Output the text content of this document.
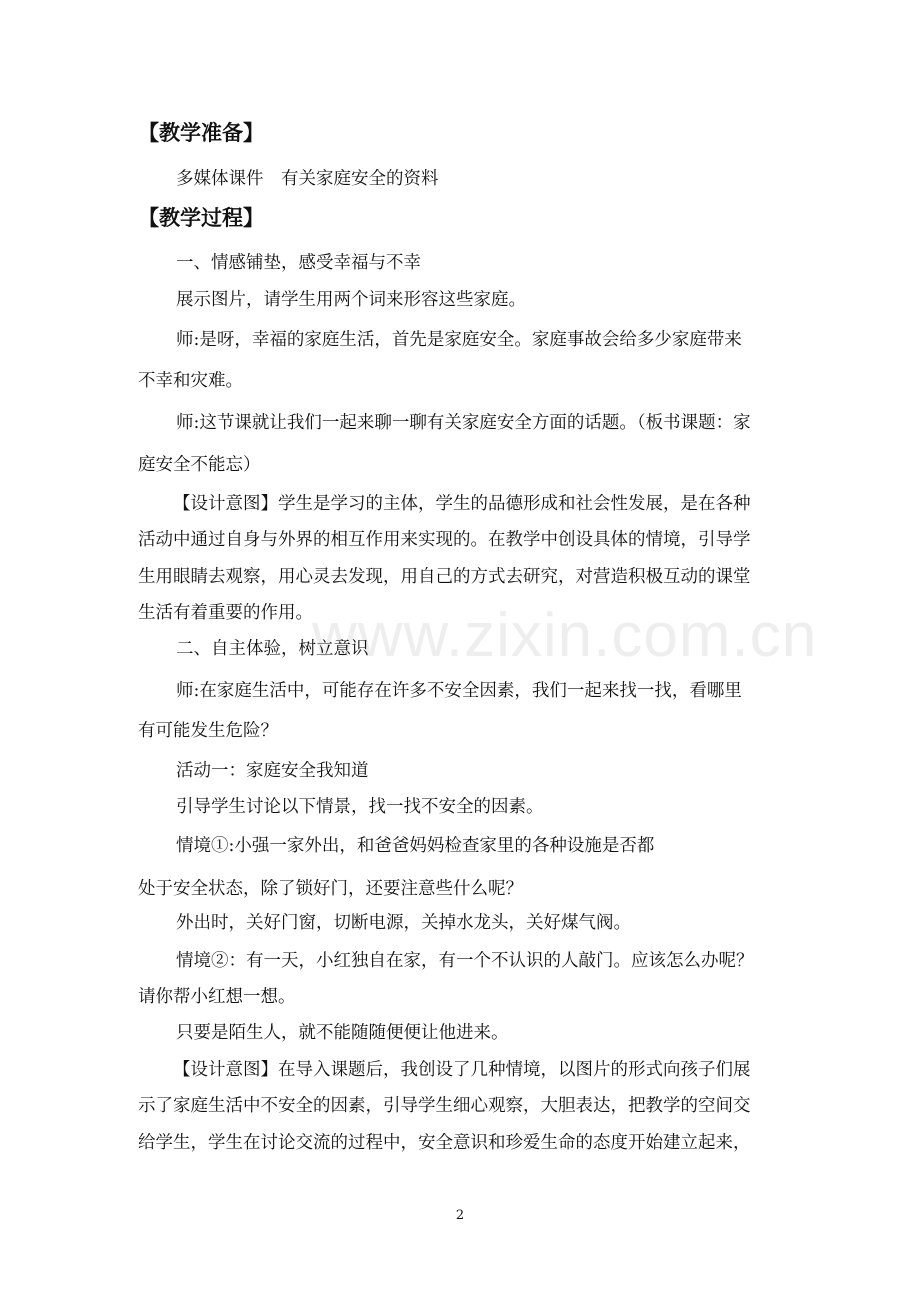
www.zixin.com.cn
【教学准备】
多媒体课件　有关家庭安全的资料
【教学过程】
一、情感铺垫，感受幸福与不幸
展示图片，请学生用两个词来形容这些家庭。
师:是呀，幸福的家庭生活，首先是家庭安全。家庭事故会给多少家庭带来
不幸和灾难。
师:这节课就让我们一起来聊一聊有关家庭安全方面的话题。（板书课题：家
庭安全不能忘）
【设计意图】学生是学习的主体，学生的品德形成和社会性发展，是在各种
活动中通过自身与外界的相互作用来实现的。在教学中创设具体的情境，引导学
生用眼睛去观察，用心灵去发现，用自己的方式去研究，对营造积极互动的课堂
生活有着重要的作用。
二、自主体验，树立意识
师:在家庭生活中，可能存在许多不安全因素，我们一起来找一找，看哪里
有可能发生危险？
活动一：家庭安全我知道
引导学生讨论以下情景，找一找不安全的因素。
情境①:小强一家外出，和爸爸妈妈检查家里的各种设施是否都
处于安全状态，除了锁好门，还要注意些什么呢？
外出时，关好门窗，切断电源，关掉水龙头，关好煤气阀。
情境②：有一天，小红独自在家，有一个不认识的人敲门。应该怎么办呢？
请你帮小红想一想。
只要是陌生人，就不能随随便便让他进来。
【设计意图】在导入课题后，我创设了几种情境，以图片的形式向孩子们展
示了家庭生活中不安全的因素，引导学生细心观察，大胆表达，把教学的空间交
给学生，学生在讨论交流的过程中，安全意识和珍爱生命的态度开始建立起来，
2
